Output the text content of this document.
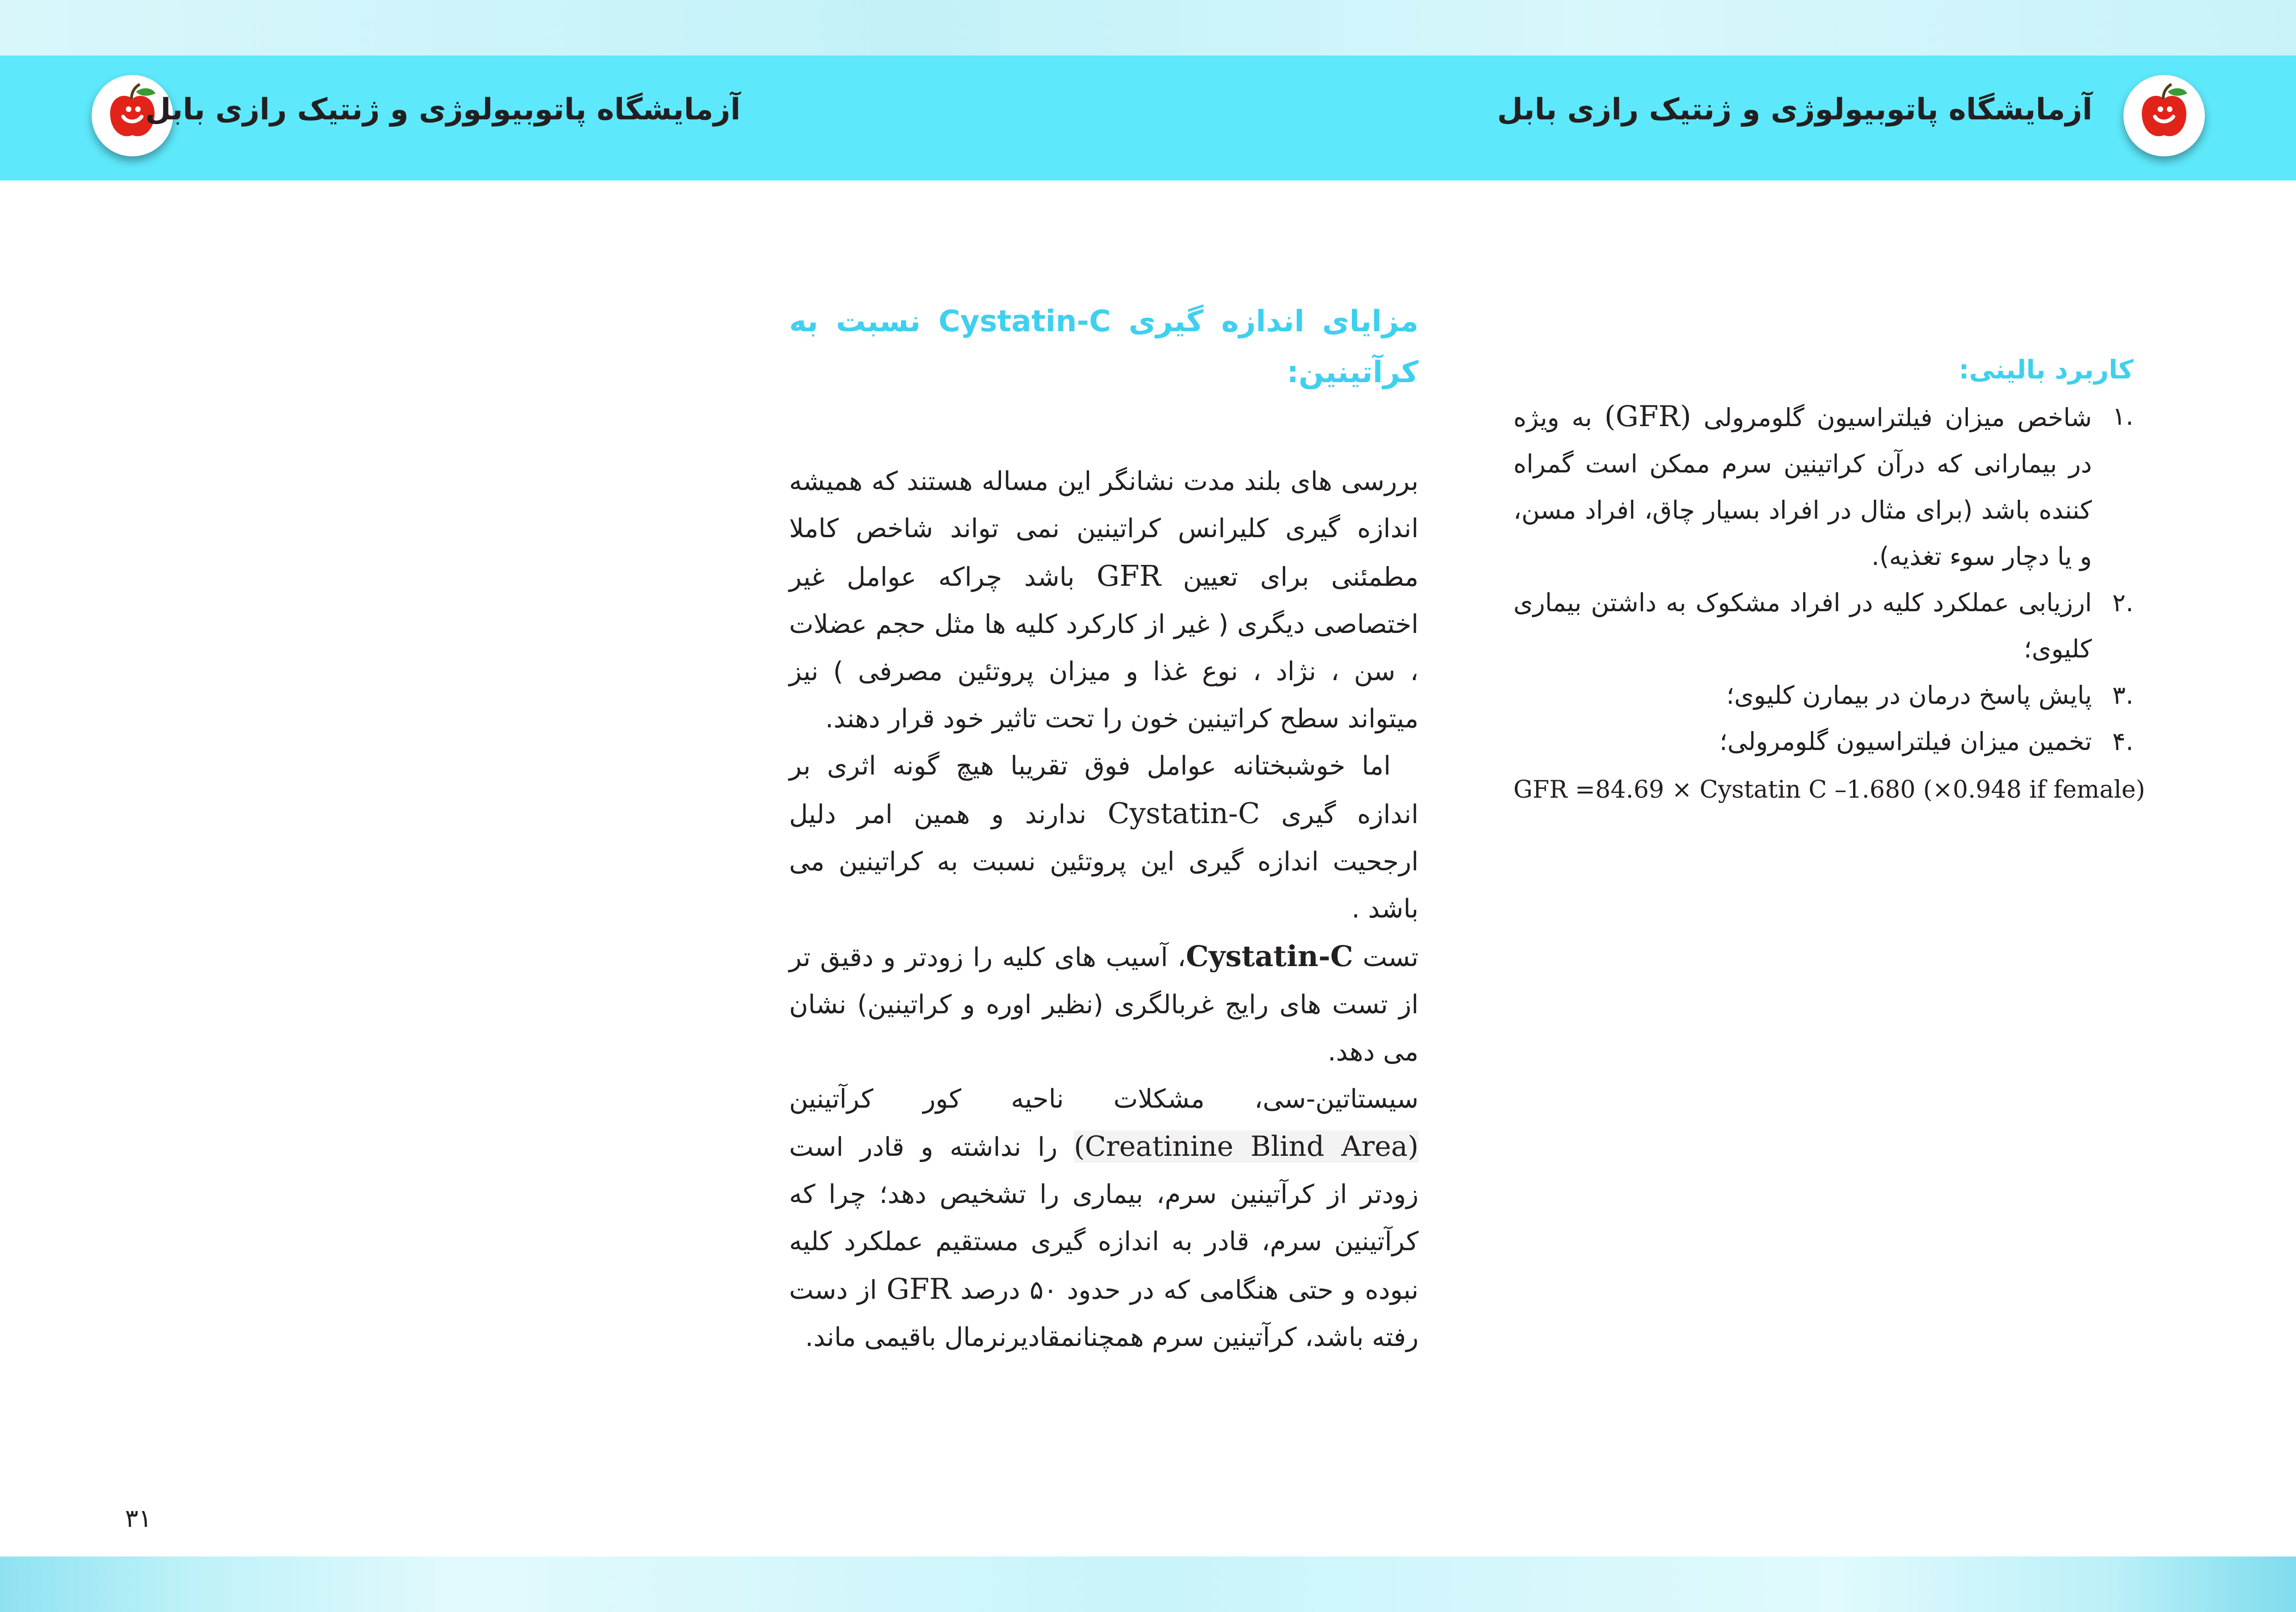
آزمایشگاه پاتوبیولوژی و ژنتیک رازی بابل	آزمایشگاه پاتوبیولوژی و ژنتیک رازی بابل
مزایای اندازه گیری Cystatin-C نسبت به کرآتینین:

بررسی های بلند مدت نشانگر این مساله هستند که همیشه اندازه گیری کلیرانس کراتینین نمی تواند شاخص کاملا مطمئنی برای تعیین GFR باشد چراکه عوامل غیر اختصاصی دیگری ( غیر از کارکرد کلیه ها مثل حجم عضلات ، سن ، نژاد ، نوع غذا و میزان پروتئین مصرفی ) نیز میتواند سطح کراتینین خون را تحت تاثیر خود قرار دهند.

اما خوشبختانه عوامل فوق تقریبا هیچ گونه اثری بر اندازه گیری Cystatin-C ندارند و همین امر دلیل ارجحیت اندازه گیری این پروتئین نسبت به کراتینین می باشد .

تست Cystatin-C، آسیب های کلیه را زودتر و دقیق تر از تست های رایج غربالگری (نظیر اوره و کراتینین) نشان می دهد.

سیستاتین-سی، مشکلات ناحیه کور کرآتینین (Creatinine Blind Area) را نداشته و قادر است زودتر از کرآتینین سرم، بیماری را تشخیص دهد؛ چرا که کرآتینین سرم، قادر به اندازه گیری مستقیم عملکرد کلیه نبوده و حتی هنگامی که در حدود ۵۰ درصد GFR از دست رفته باشد، کرآتینین سرم همچنانمقادیرنرمال باقیمی ماند.

کاربرد بالینی:
.۱
شاخص میزان فیلتراسیون گلومرولی (GFR) به ویژه در بیمارانی که درآن کراتینین سرم ممکن است گمراه کننده باشد (برای مثال در افراد بسیار چاق، افراد مسن، و یا دچار سوء تغذیه).
.۲
ارزیابی عملکرد کلیه در افراد مشکوک به داشتن بیماری کلیوی؛
.۳
پایش پاسخ درمان در بیمارن کلیوی؛
.۴
تخمین میزان فیلتراسیون گلومرولی؛
GFR =84.69 × Cystatin C –1.680 (×0.948 if female)
۳۱
